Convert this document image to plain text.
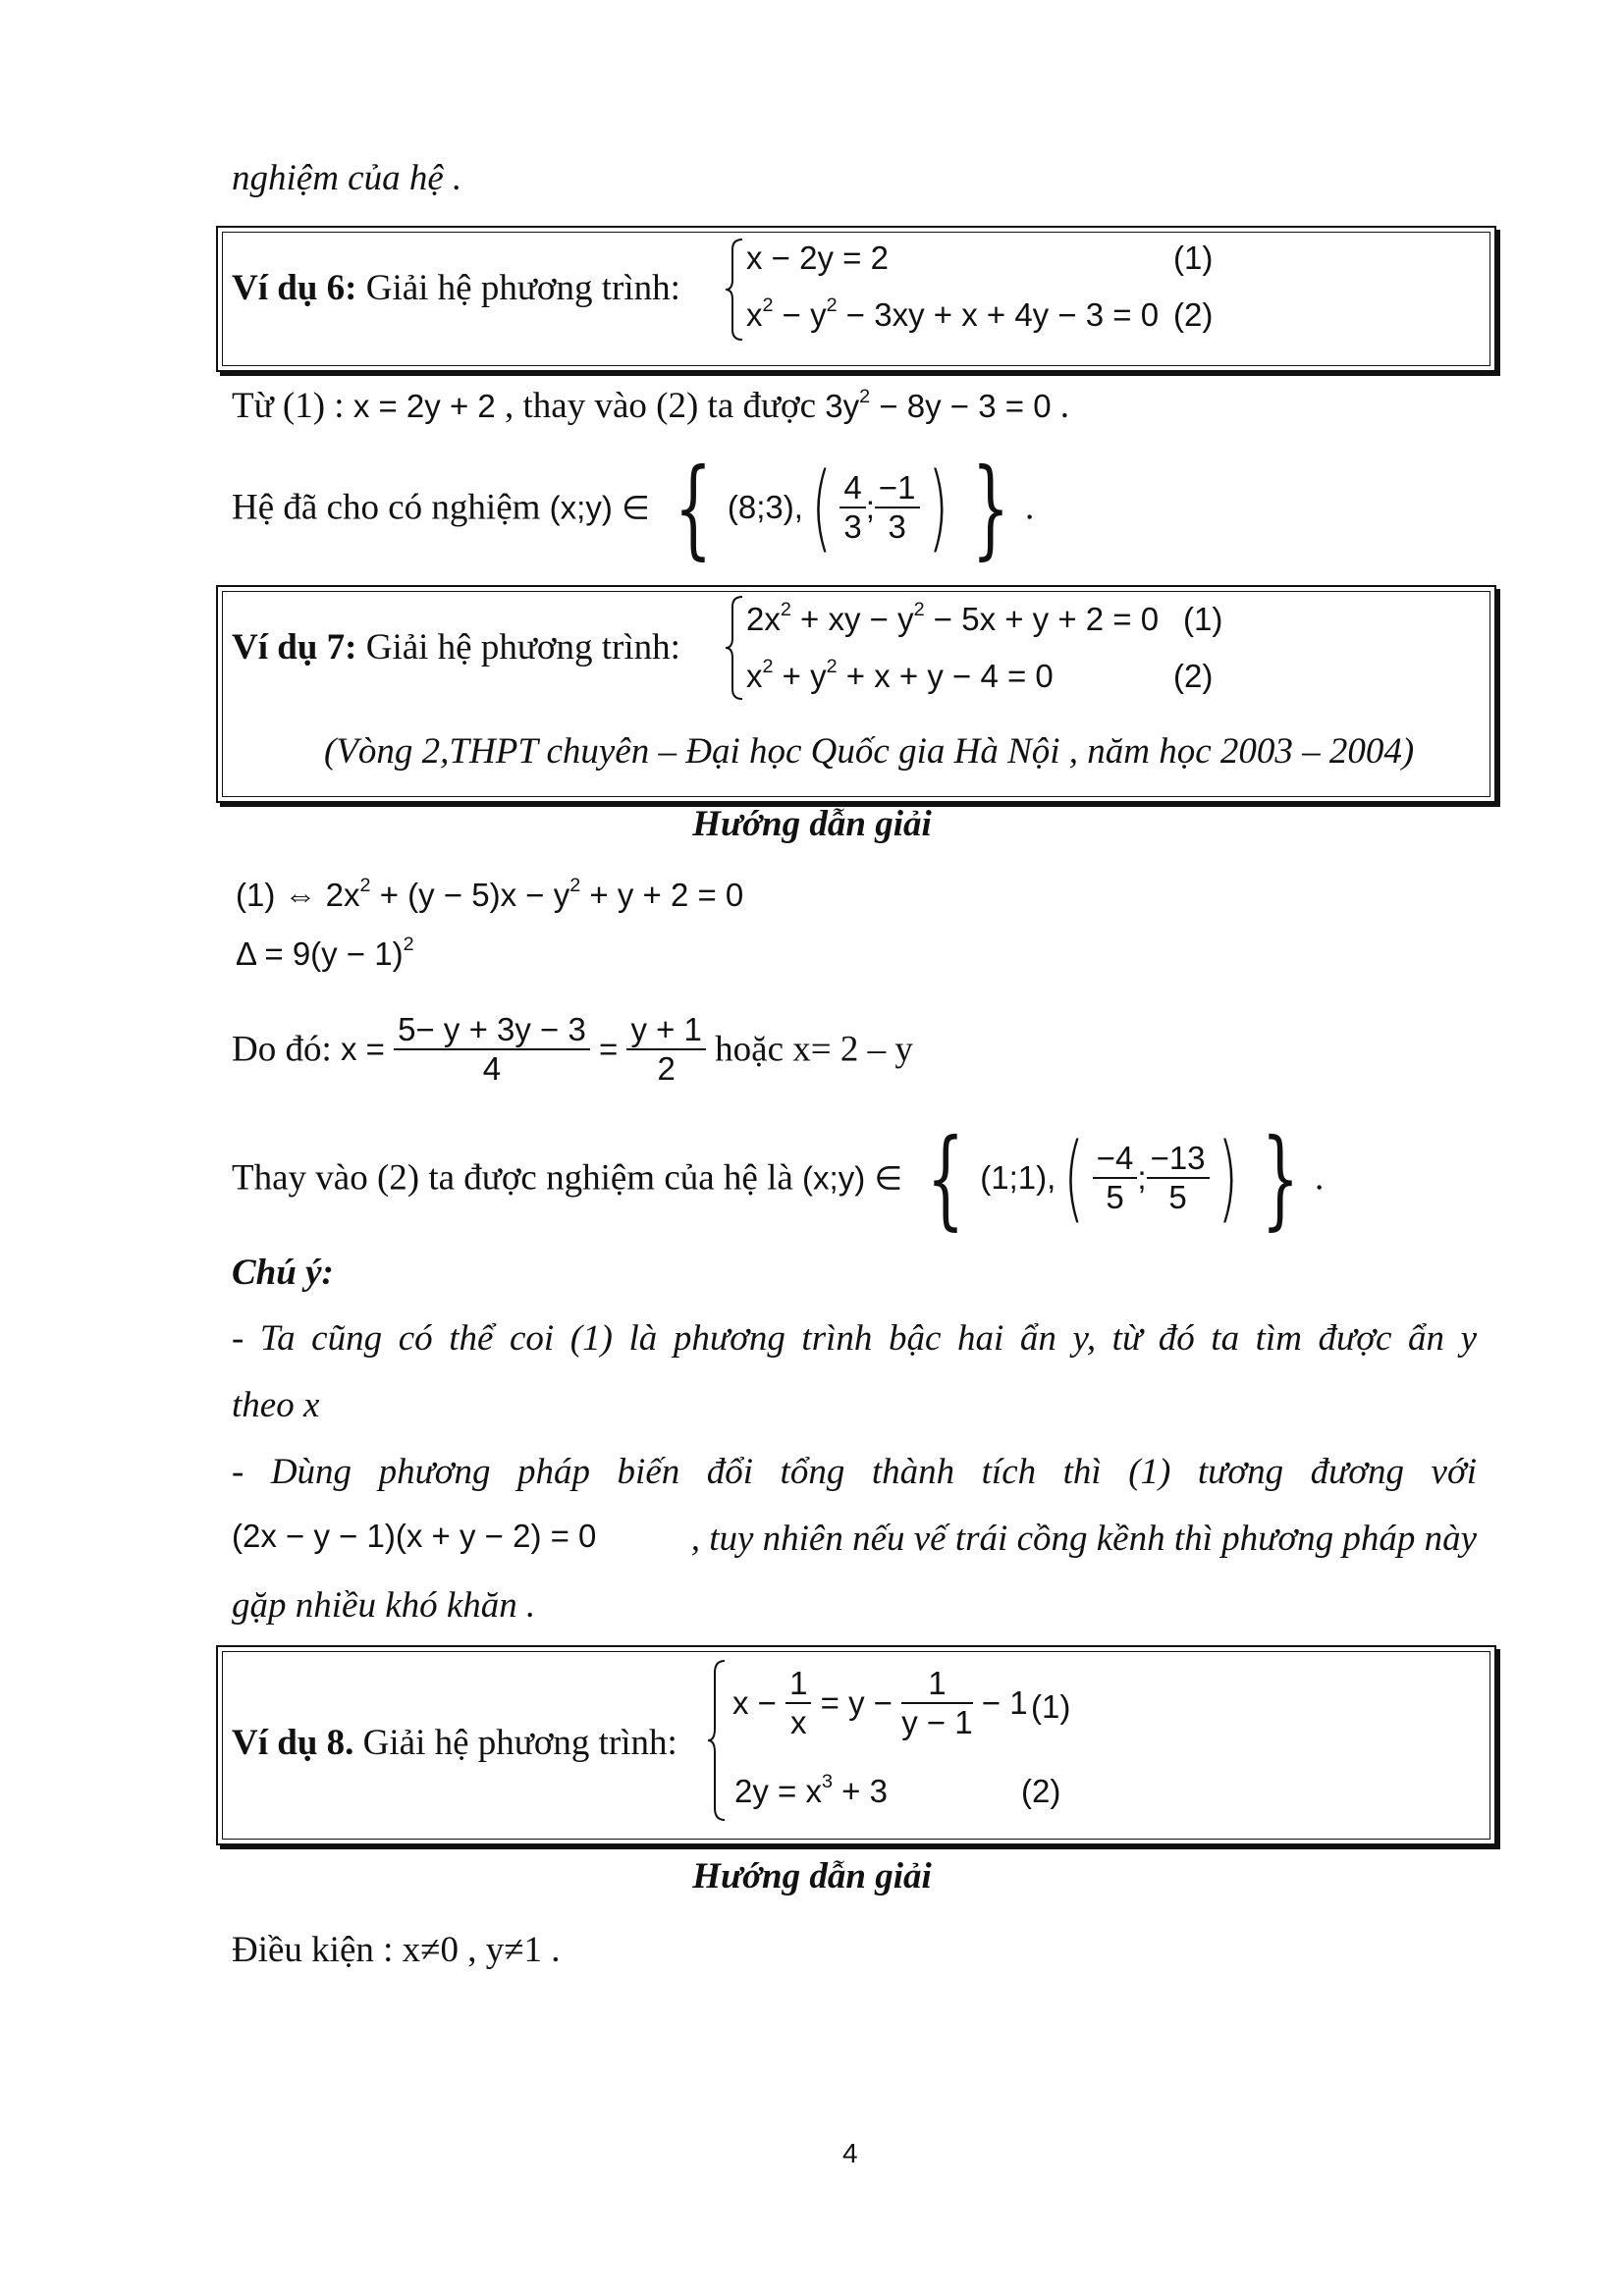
nghiệm của hệ .
Ví dụ 6: Giải hệ phương trình:
x − 2y = 2	(1)
$x^2 - y^2 - 3xy + x + 4y - 3 = 0$ (2)
Từ (1) : x = 2y + 2 , thay vào (2) ta được $3y^2 - 8y - 3 = 0$ .
Hệ đã cho có nghiệm (x;y) ∈ { (8;3),( $\frac{4}{3}$ ; $\frac{-1}{3}$ ) } .
Ví dụ 7: Giải hệ phương trình:
$2x^2$ + xy − $y^2 - 5x + y + 2 = 0$ (1)
$x^2 + y^2 + x + y - 4 = 0$	(2)
(Vòng 2,THPT chuyên – Đại học Quốc gia Hà Nội , năm học 2003 – 2004)
Hướng dẫn giải
(1) ⇔ $2x^2 + (y - 5)x - y^2 + y + 2 = 0$
$\Delta = 9(y - 1)^2$
Do đó: $x = \frac{5- y + 3y - 3}{4} = \frac{y + 1}{2}$ hoặc x= 2 – y
Thay vào (2) ta được nghiệm của hệ là (x;y) ∈ { (1;1),( $\frac{-4}{5}$ ; $\frac{-13}{5}$ ) } .
Chú ý:
- Ta cũng có thể coi (1) là phương trình bậc hai ẩn y, từ đó ta tìm được ẩn y
theo x
- Dùng phương pháp biến đổi tổng thành tích thì (1) tương đương với
(2x − y − 1)(x + y − 2) = 0	, tuy nhiên nếu vế trái cồng kềnh thì phương pháp này
gặp nhiều khó khăn .
Ví dụ 8. Giải hệ phương trình:
$x - \frac{1}{x} = y - \frac{1}{y - 1} - 1$ (1)
$2y = x^3 + 3$	(2)
Hướng dẫn giải
Điều kiện : x≠0 , y≠1 .
4
